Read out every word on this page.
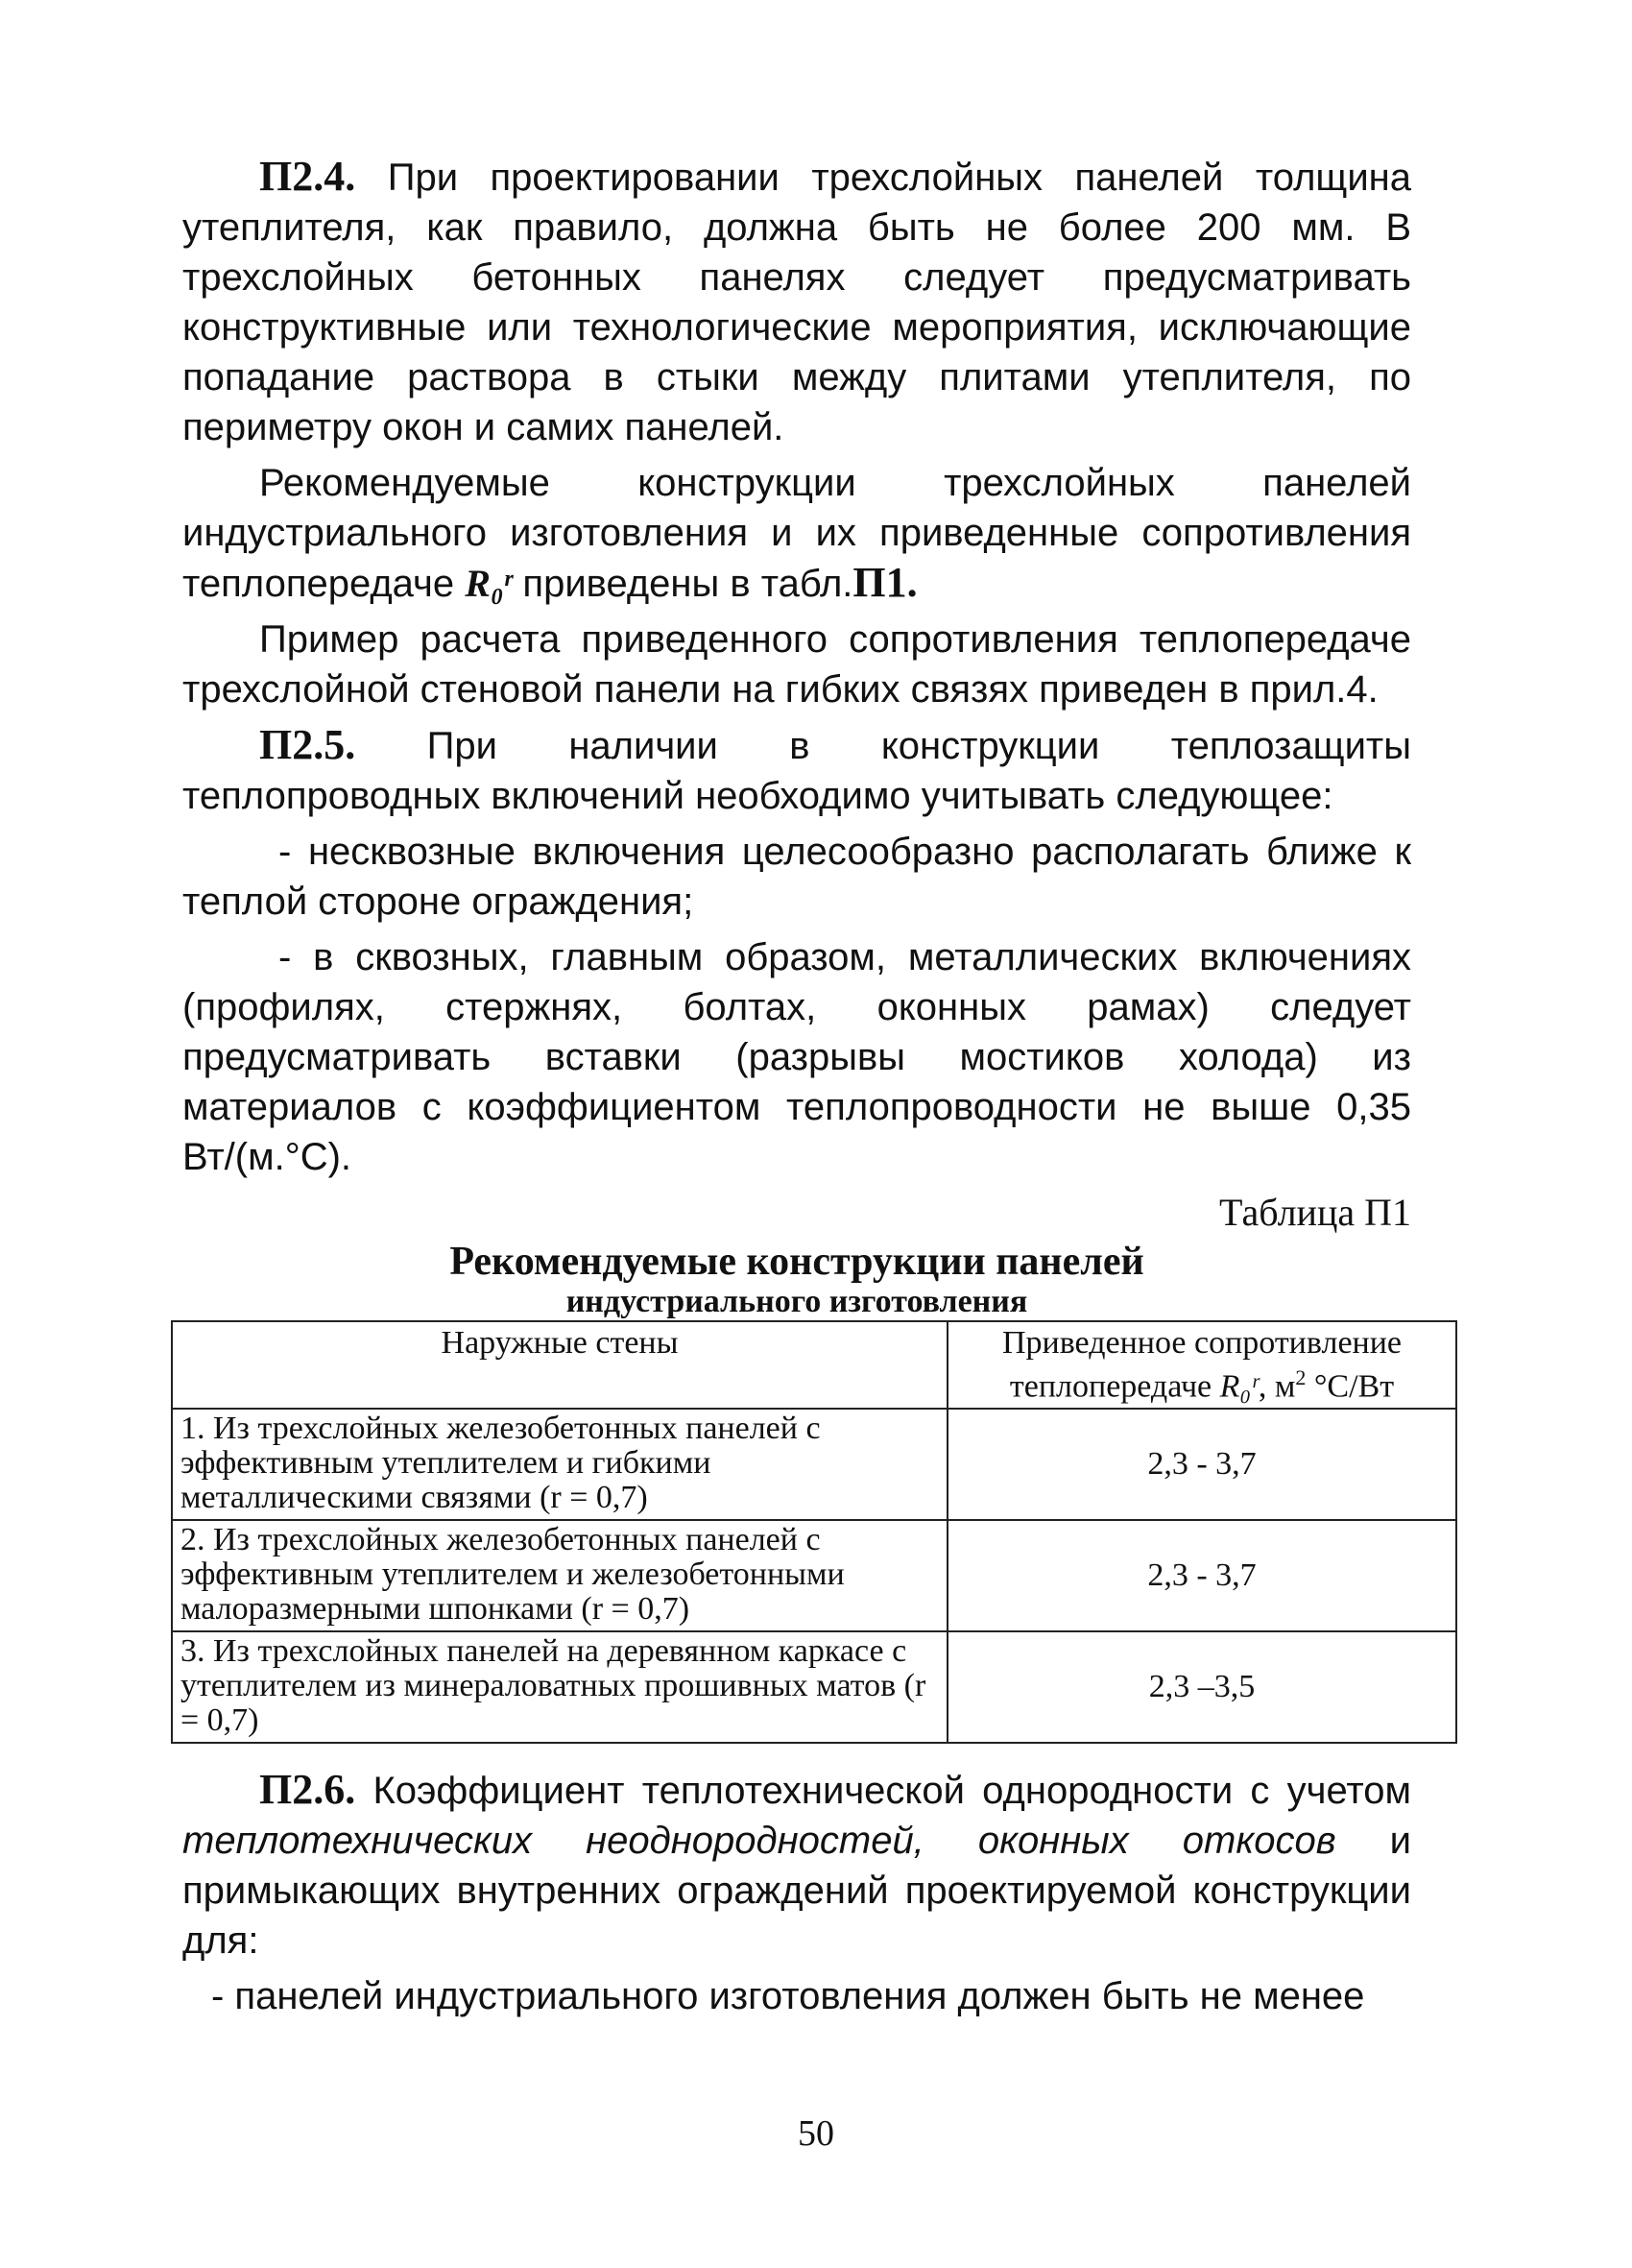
П2.4. При проектировании трехслойных панелей толщина утеплителя, как правило, должна быть не более 200 мм. В трехслойных бетонных панелях следует предусматривать конструктивные или технологические мероприятия, исключающие попадание раствора в стыки между плитами утеплителя, по периметру окон и самих панелей.

Рекомендуемые конструкции трехслойных панелей индустриального изготовления и их приведенные сопротивления теплопередаче R₀ʳ приведены в табл.П1.

Пример расчета приведенного сопротивления теплопередаче трехслойной стеновой панели на гибких связях приведен в прил.4.

П2.5. При наличии в конструкции теплозащиты теплопроводных включений необходимо учитывать следующее:

- несквозные включения целесообразно располагать ближе к теплой стороне ограждения;

- в сквозных, главным образом, металлических включениях (профилях, стержнях, болтах, оконных рамах) следует предусматривать вставки (разрывы мостиков холода) из материалов с коэффициентом теплопроводности не выше 0,35 Вт/(м.°С).

Таблица П1
Рекомендуемые конструкции панелей
индустриального изготовления
Наружные стены	Приведенное сопротивление теплопередаче R₀ʳ, $м^2$ °С/Вт
1. Из трехслойных железобетонных панелей с эффективным утеплителем и гибкими металлическими связями (r = 0,7)	2,3 - 3,7
2. Из трехслойных железобетонных панелей с эффективным утеплителем и железобетонными малоразмерными шпонками (r = 0,7)	2,3 - 3,7
3. Из трехслойных панелей на деревянном каркасе с утеплителем из минераловатных прошивных матов (r = 0,7)	2,3 –3,5

П2.6. Коэффициент теплотехнической однородности с учетом теплотехнических неоднородностей, оконных откосов и примыкающих внутренних ограждений проектируемой конструкции для:

- панелей индустриального изготовления должен быть не менее

50
